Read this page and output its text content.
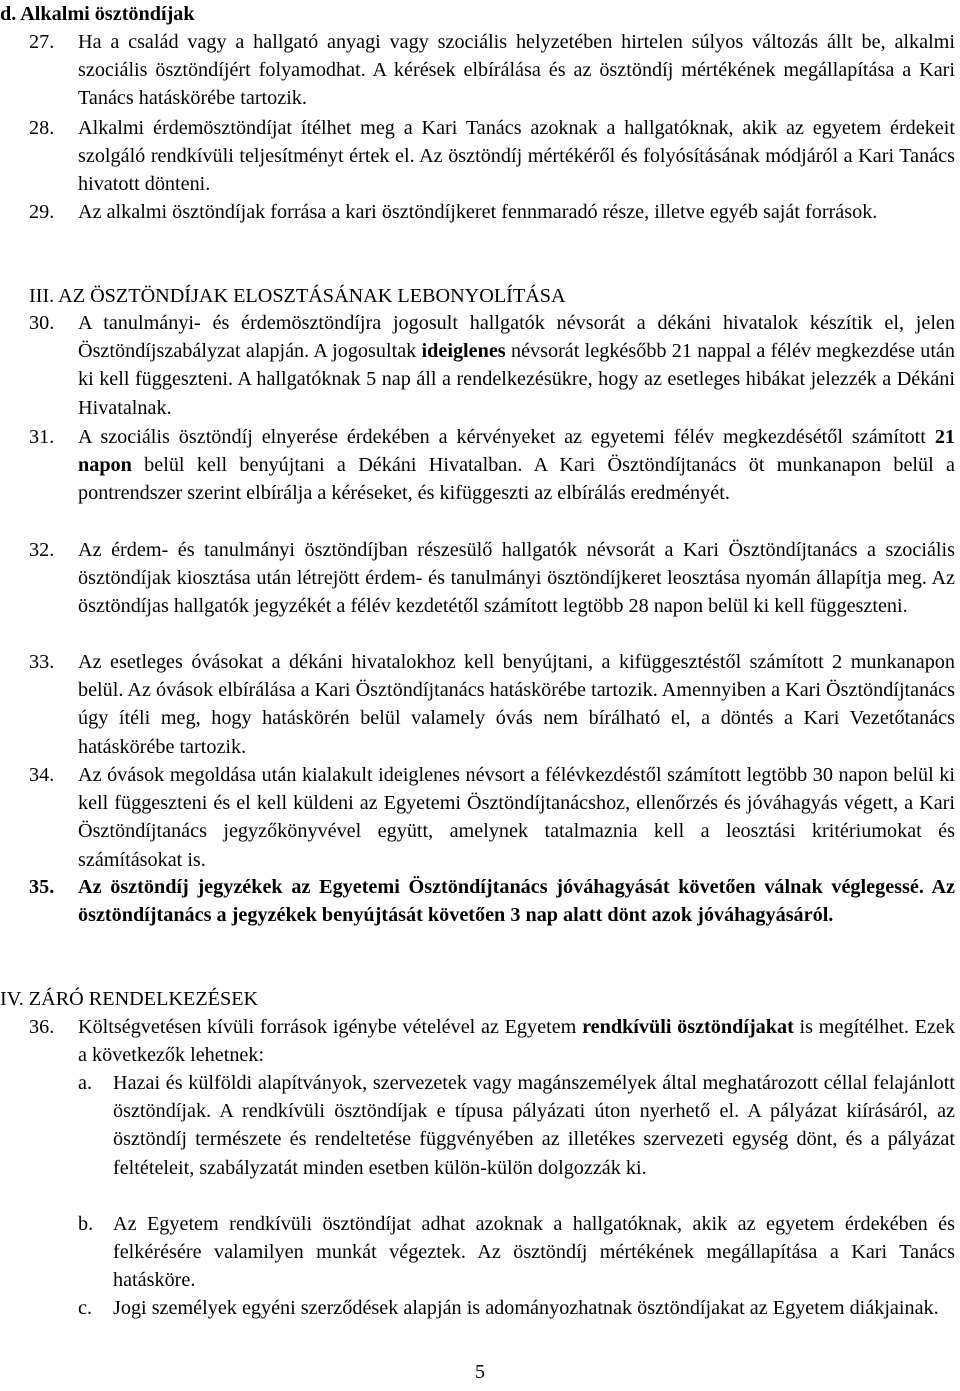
d. Alkalmi ösztöndíjak
27. Ha a család vagy a hallgató anyagi vagy szociális helyzetében hirtelen súlyos változás állt be, alkalmi szociális ösztöndíjért folyamodhat. A kérések elbírálása és az ösztöndíj mértékének megállapítása a Kari Tanács hatáskörébe tartozik.
28. Alkalmi érdemösztöndíjat ítélhet meg a Kari Tanács azoknak a hallgatóknak, akik az egyetem érdekeit szolgáló rendkívüli teljesítményt értek el. Az ösztöndíj mértékéről és folyósításának módjáról a Kari Tanács hivatott dönteni.
29. Az alkalmi ösztöndíjak forrása a kari ösztöndíjkeret fennmaradó része, illetve egyéb saját források.
III. AZ ÖSZTÖNDÍJAK ELOSZTÁSÁNAK LEBONYOLÍTÁSA
30. A tanulmányi- és érdemösztöndíjra jogosult hallgatók névsorát a dékáni hivatalok készítik el, jelen Ösztöndíjszabályzat alapján. A jogosultak ideiglenes névsorát legkésőbb 21 nappal a félév megkezdése után ki kell függeszteni. A hallgatóknak 5 nap áll a rendelkezésükre, hogy az esetleges hibákat jelezzék a Dékáni Hivatalnak.
31. A szociális ösztöndíj elnyerése érdekében a kérvényeket az egyetemi félév megkezdésétől számított 21 napon belül kell benyújtani a Dékáni Hivatalban. A Kari Ösztöndíjtanács öt munkanapon belül a pontrendszer szerint elbírálja a kéréseket, és kifüggeszti az elbírálás eredményét.
32. Az érdem- és tanulmányi ösztöndíjban részesülő hallgatók névsorát a Kari Ösztöndíjtanács a szociális ösztöndíjak kiosztása után létrejött érdem- és tanulmányi ösztöndíjkeret leosztása nyomán állapítja meg. Az ösztöndíjas hallgatók jegyzékét a félév kezdetétől számított legtöbb 28 napon belül ki kell függeszteni.
33. Az esetleges óvásokat a dékáni hivatalokhoz kell benyújtani, a kifüggesztéstől számított 2 munkanapon belül. Az óvások elbírálása a Kari Ösztöndíjtanács hatáskörébe tartozik. Amennyiben a Kari Ösztöndíjtanács úgy ítéli meg, hogy hatáskörén belül valamely óvás nem bírálható el, a döntés a Kari Vezetőtanács hatáskörébe tartozik.
34. Az óvások megoldása után kialakult ideiglenes névsort a félévkezdéstől számított legtöbb 30 napon belül ki kell függeszteni és el kell küldeni az Egyetemi Ösztöndíjtanácshoz, ellenőrzés és jóváhagyás végett, a Kari Ösztöndíjtanács jegyzőkönyvével együtt, amelynek tatalmaznia kell a leosztási kritériumokat és számításokat is.
35. Az ösztöndíj jegyzékek az Egyetemi Ösztöndíjtanács jóváhagyását követően válnak véglegessé. Az ösztöndíjtanács a jegyzékek benyújtását követően 3 nap alatt dönt azok jóváhagyásáról.
IV. ZÁRÓ RENDELKEZÉSEK
36. Költségvetésen kívüli források igénybe vételével az Egyetem rendkívüli ösztöndíjakat is megítélhet. Ezek a következők lehetnek:
a. Hazai és külföldi alapítványok, szervezetek vagy magánszemélyek által meghatározott céllal felajánlott ösztöndíjak. A rendkívüli ösztöndíjak e típusa pályázati úton nyerhető el. A pályázat kiírásáról, az ösztöndíj természete és rendeltetése függvényében az illetékes szervezeti egység dönt, és a pályázat feltételeit, szabályzatát minden esetben külön-külön dolgozzák ki.
b. Az Egyetem rendkívüli ösztöndíjat adhat azoknak a hallgatóknak, akik az egyetem érdekében és felkérésére valamilyen munkát végeztek. Az ösztöndíj mértékének megállapítása a Kari Tanács hatásköre.
c. Jogi személyek egyéni szerződések alapján is adományozhatnak ösztöndíjakat az Egyetem diákjainak.
5
